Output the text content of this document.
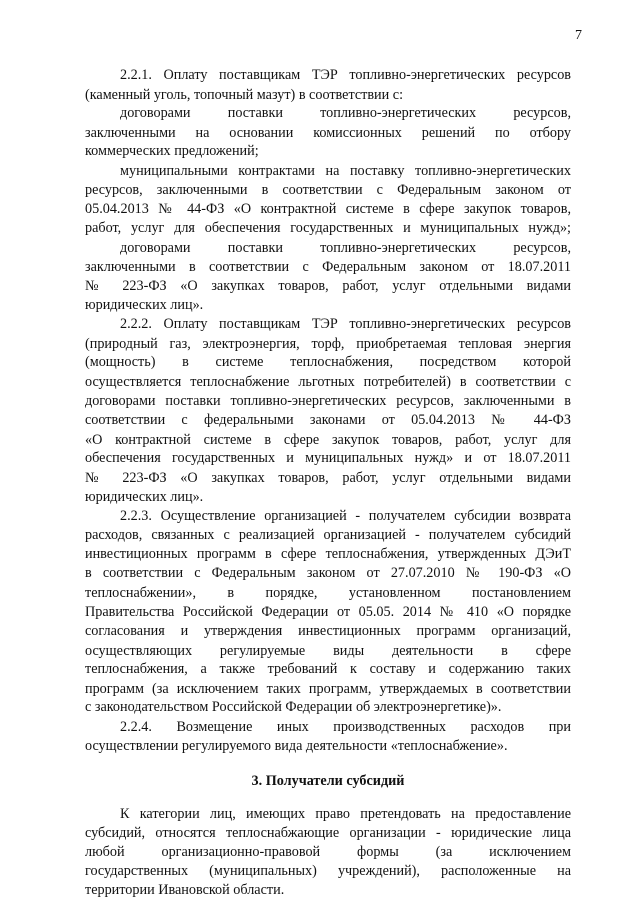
7
2.2.1. Оплату поставщикам ТЭР топливно-энергетических ресурсов
(каменный уголь, топочный мазут) в соответствии с:
договорами поставки топливно-энергетических ресурсов,
заключенными на основании комиссионных решений по отбору
коммерческих предложений;
муниципальными контрактами на поставку топливно-энергетических
ресурсов, заключенными в соответствии с Федеральным законом от
05.04.2013 № 44-ФЗ «О контрактной системе в сфере закупок товаров,
работ, услуг для обеспечения государственных и муниципальных нужд»;
договорами поставки топливно-энергетических ресурсов,
заключенными в соответствии с Федеральным законом от 18.07.2011
№ 223-ФЗ «О закупках товаров, работ, услуг отдельными видами
юридических лиц».
2.2.2. Оплату поставщикам ТЭР топливно-энергетических ресурсов
(природный газ, электроэнергия, торф, приобретаемая тепловая энергия
(мощность) в системе теплоснабжения, посредством которой
осуществляется теплоснабжение льготных потребителей) в соответствии с
договорами поставки топливно-энергетических ресурсов, заключенными в
соответствии с федеральными законами от 05.04.2013 № 44-ФЗ
«О контрактной системе в сфере закупок товаров, работ, услуг для
обеспечения государственных и муниципальных нужд» и от 18.07.2011
№ 223-ФЗ «О закупках товаров, работ, услуг отдельными видами
юридических лиц».
2.2.3. Осуществление организацией - получателем субсидии возврата
расходов, связанных с реализацией организацией - получателем субсидий
инвестиционных программ в сфере теплоснабжения, утвержденных ДЭиТ
в соответствии с Федеральным законом от 27.07.2010 № 190-ФЗ «О
теплоснабжении», в порядке, установленном постановлением
Правительства Российской Федерации от 05.05. 2014 № 410 «О порядке
согласования и утверждения инвестиционных программ организаций,
осуществляющих регулируемые виды деятельности в сфере
теплоснабжения, а также требований к составу и содержанию таких
программ (за исключением таких программ, утверждаемых в соответствии
с законодательством Российской Федерации об электроэнергетике)».
2.2.4. Возмещение иных производственных расходов при
осуществлении регулируемого вида деятельности «теплоснабжение».
3. Получатели субсидий
К категории лиц, имеющих право претендовать на предоставление
субсидий, относятся теплоснабжающие организации - юридические лица
любой организационно-правовой формы (за исключением
государственных (муниципальных) учреждений), расположенные на
территории Ивановской области.
